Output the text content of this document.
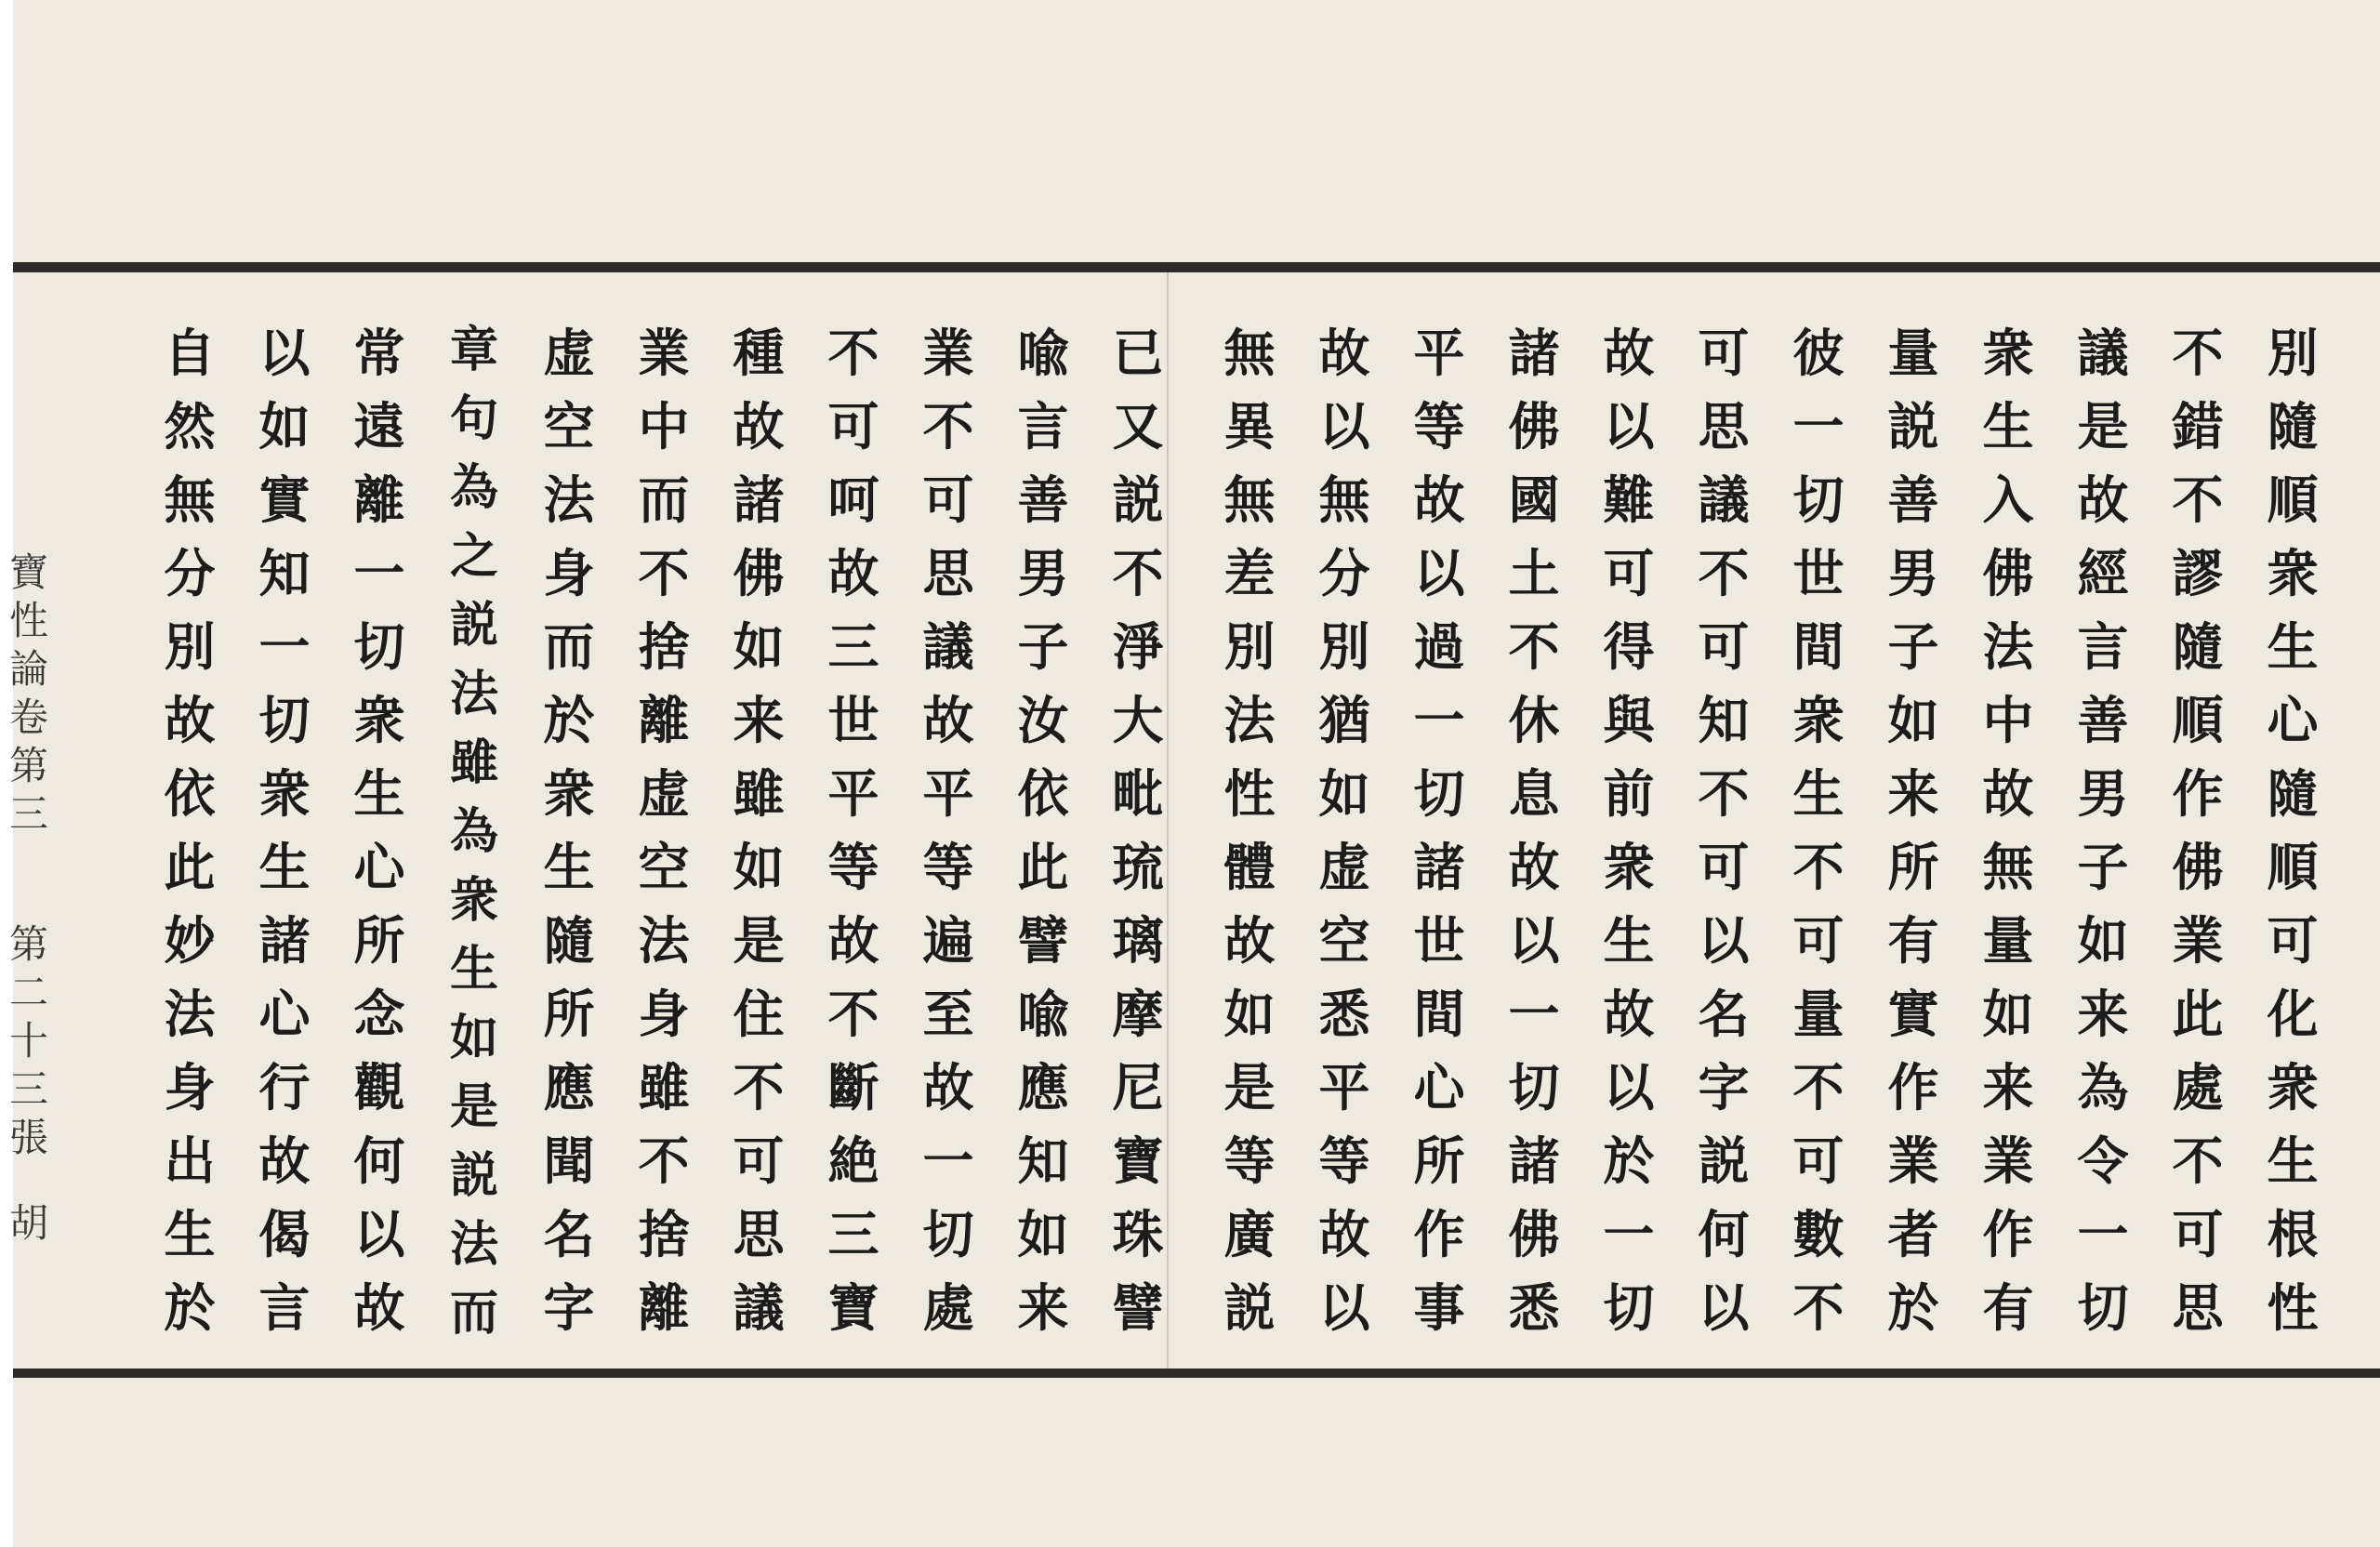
別
隨
順
衆
生
心
隨
順
可
化
衆
生
根
性
不
錯
不
謬
隨
順
作
佛
業
此
處
不
可
思
議
是
故
經
言
善
男
子
如
来
為
令
一
切
衆
生
入
佛
法
中
故
無
量
如
来
業
作
有
量
説
善
男
子
如
来
所
有
實
作
業
者
於
彼
一
切
世
間
衆
生
不
可
量
不
可
數
不
可
思
議
不
可
知
不
可
以
名
字
説
何
以
故
以
難
可
得
與
前
衆
生
故
以
於
一
切
諸
佛
國
土
不
休
息
故
以
一
切
諸
佛
悉
平
等
故
以
過
一
切
諸
世
間
心
所
作
事
故
以
無
分
別
猶
如
虚
空
悉
平
等
故
以
無
異
無
差
別
法
性
體
故
如
是
等
廣
説
已
又
説
不
淨
大
毗
琉
璃
摩
尼
寶
珠
譬
喩
言
善
男
子
汝
依
此
譬
喩
應
知
如
来
業
不
可
思
議
故
平
等
遍
至
故
一
切
處
不
可
呵
故
三
世
平
等
故
不
斷
絶
三
寶
種
故
諸
佛
如
来
雖
如
是
住
不
可
思
議
業
中
而
不
捨
離
虚
空
法
身
雖
不
捨
離
虚
空
法
身
而
於
衆
生
隨
所
應
聞
名
字
章
句
為
之
説
法
雖
為
衆
生
如
是
説
法
而
常
遠
離
一
切
衆
生
心
所
念
觀
何
以
故
以
如
實
知
一
切
衆
生
諸
心
行
故
偈
言
自
然
無
分
別
故
依
此
妙
法
身
出
生
於
寶
性
論
卷
第
三
第
二
十
三
張
胡
